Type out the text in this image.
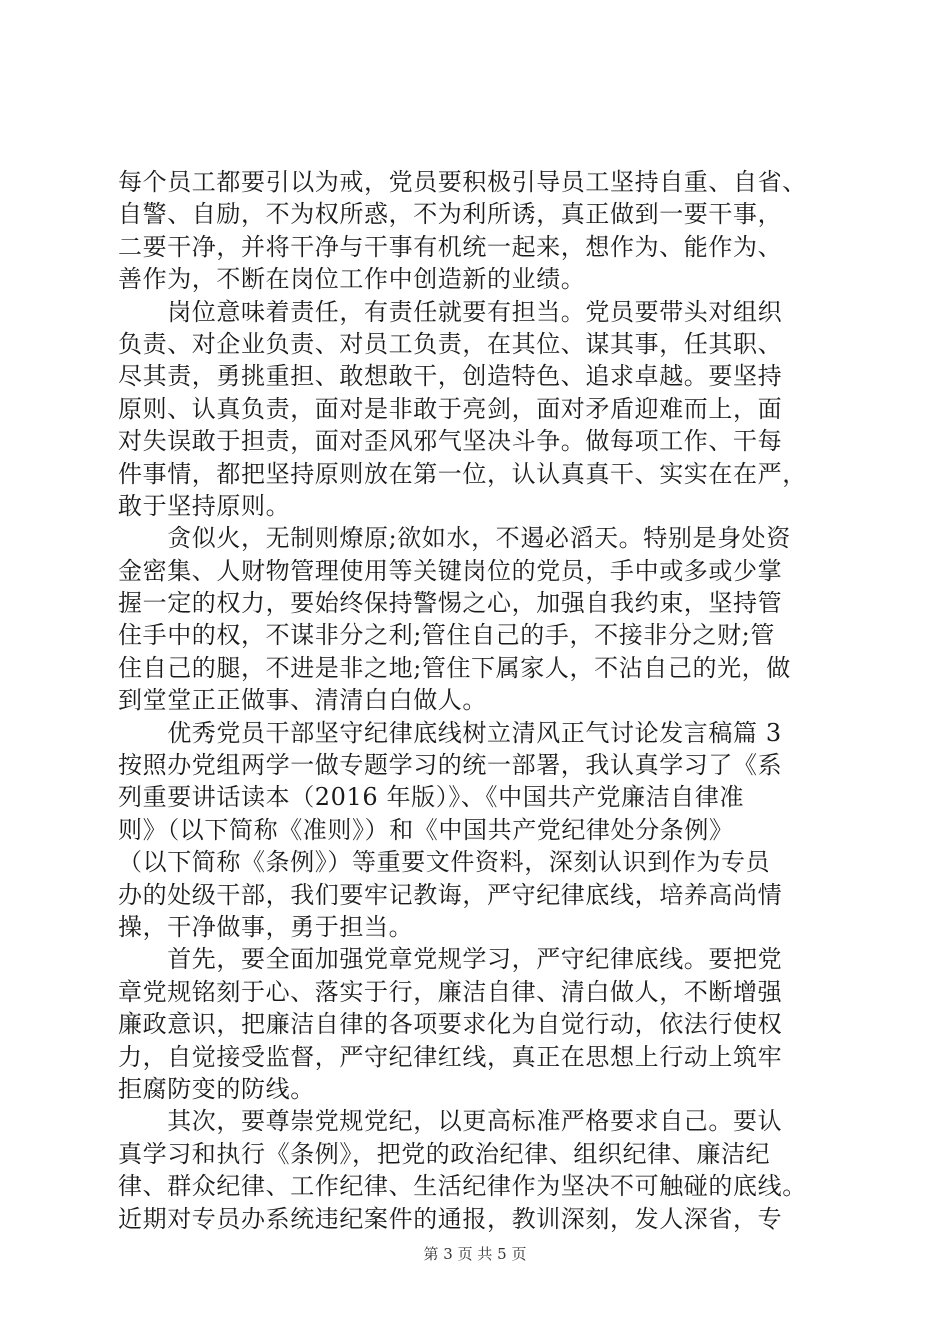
每个员工都要引以为戒，党员要积极引导员工坚持自重、自省、
自警、自励，不为权所惑，不为利所诱，真正做到一要干事，
二要干净，并将干净与干事有机统一起来，想作为、能作为、
善作为，不断在岗位工作中创造新的业绩。
　　岗位意味着责任，有责任就要有担当。党员要带头对组织
负责、对企业负责、对员工负责，在其位、谋其事，任其职、
尽其责，勇挑重担、敢想敢干，创造特色、追求卓越。要坚持
原则、认真负责，面对是非敢于亮剑，面对矛盾迎难而上，面
对失误敢于担责，面对歪风邪气坚决斗争。做每项工作、干每
件事情，都把坚持原则放在第一位，认认真真干、实实在在严，
敢于坚持原则。
　　贪似火，无制则燎原;欲如水，不遏必滔天。特别是身处资
金密集、人财物管理使用等关键岗位的党员，手中或多或少掌
握一定的权力，要始终保持警惕之心，加强自我约束，坚持管
住手中的权，不谋非分之利;管住自己的手，不接非分之财;管
住自己的腿，不进是非之地;管住下属家人，不沾自己的光，做
到堂堂正正做事、清清白白做人。
　　优秀党员干部坚守纪律底线树立清风正气讨论发言稿篇 3
按照办党组两学一做专题学习的统一部署，我认真学习了《系
列重要讲话读本（2016 年版）》、《中国共产党廉洁自律准
则》（以下简称《准则》）和《中国共产党纪律处分条例》
（以下简称《条例》）等重要文件资料，深刻认识到作为专员
办的处级干部，我们要牢记教诲，严守纪律底线，培养高尚情
操，干净做事，勇于担当。
　　首先，要全面加强党章党规学习，严守纪律底线。要把党
章党规铭刻于心、落实于行，廉洁自律、清白做人，不断增强
廉政意识，把廉洁自律的各项要求化为自觉行动，依法行使权
力，自觉接受监督，严守纪律红线，真正在思想上行动上筑牢
拒腐防变的防线。
　　其次，要尊崇党规党纪，以更高标准严格要求自己。要认
真学习和执行《条例》，把党的政治纪律、组织纪律、廉洁纪
律、群众纪律、工作纪律、生活纪律作为坚决不可触碰的底线。
近期对专员办系统违纪案件的通报，教训深刻，发人深省，专
第 3 页 共 5 页
